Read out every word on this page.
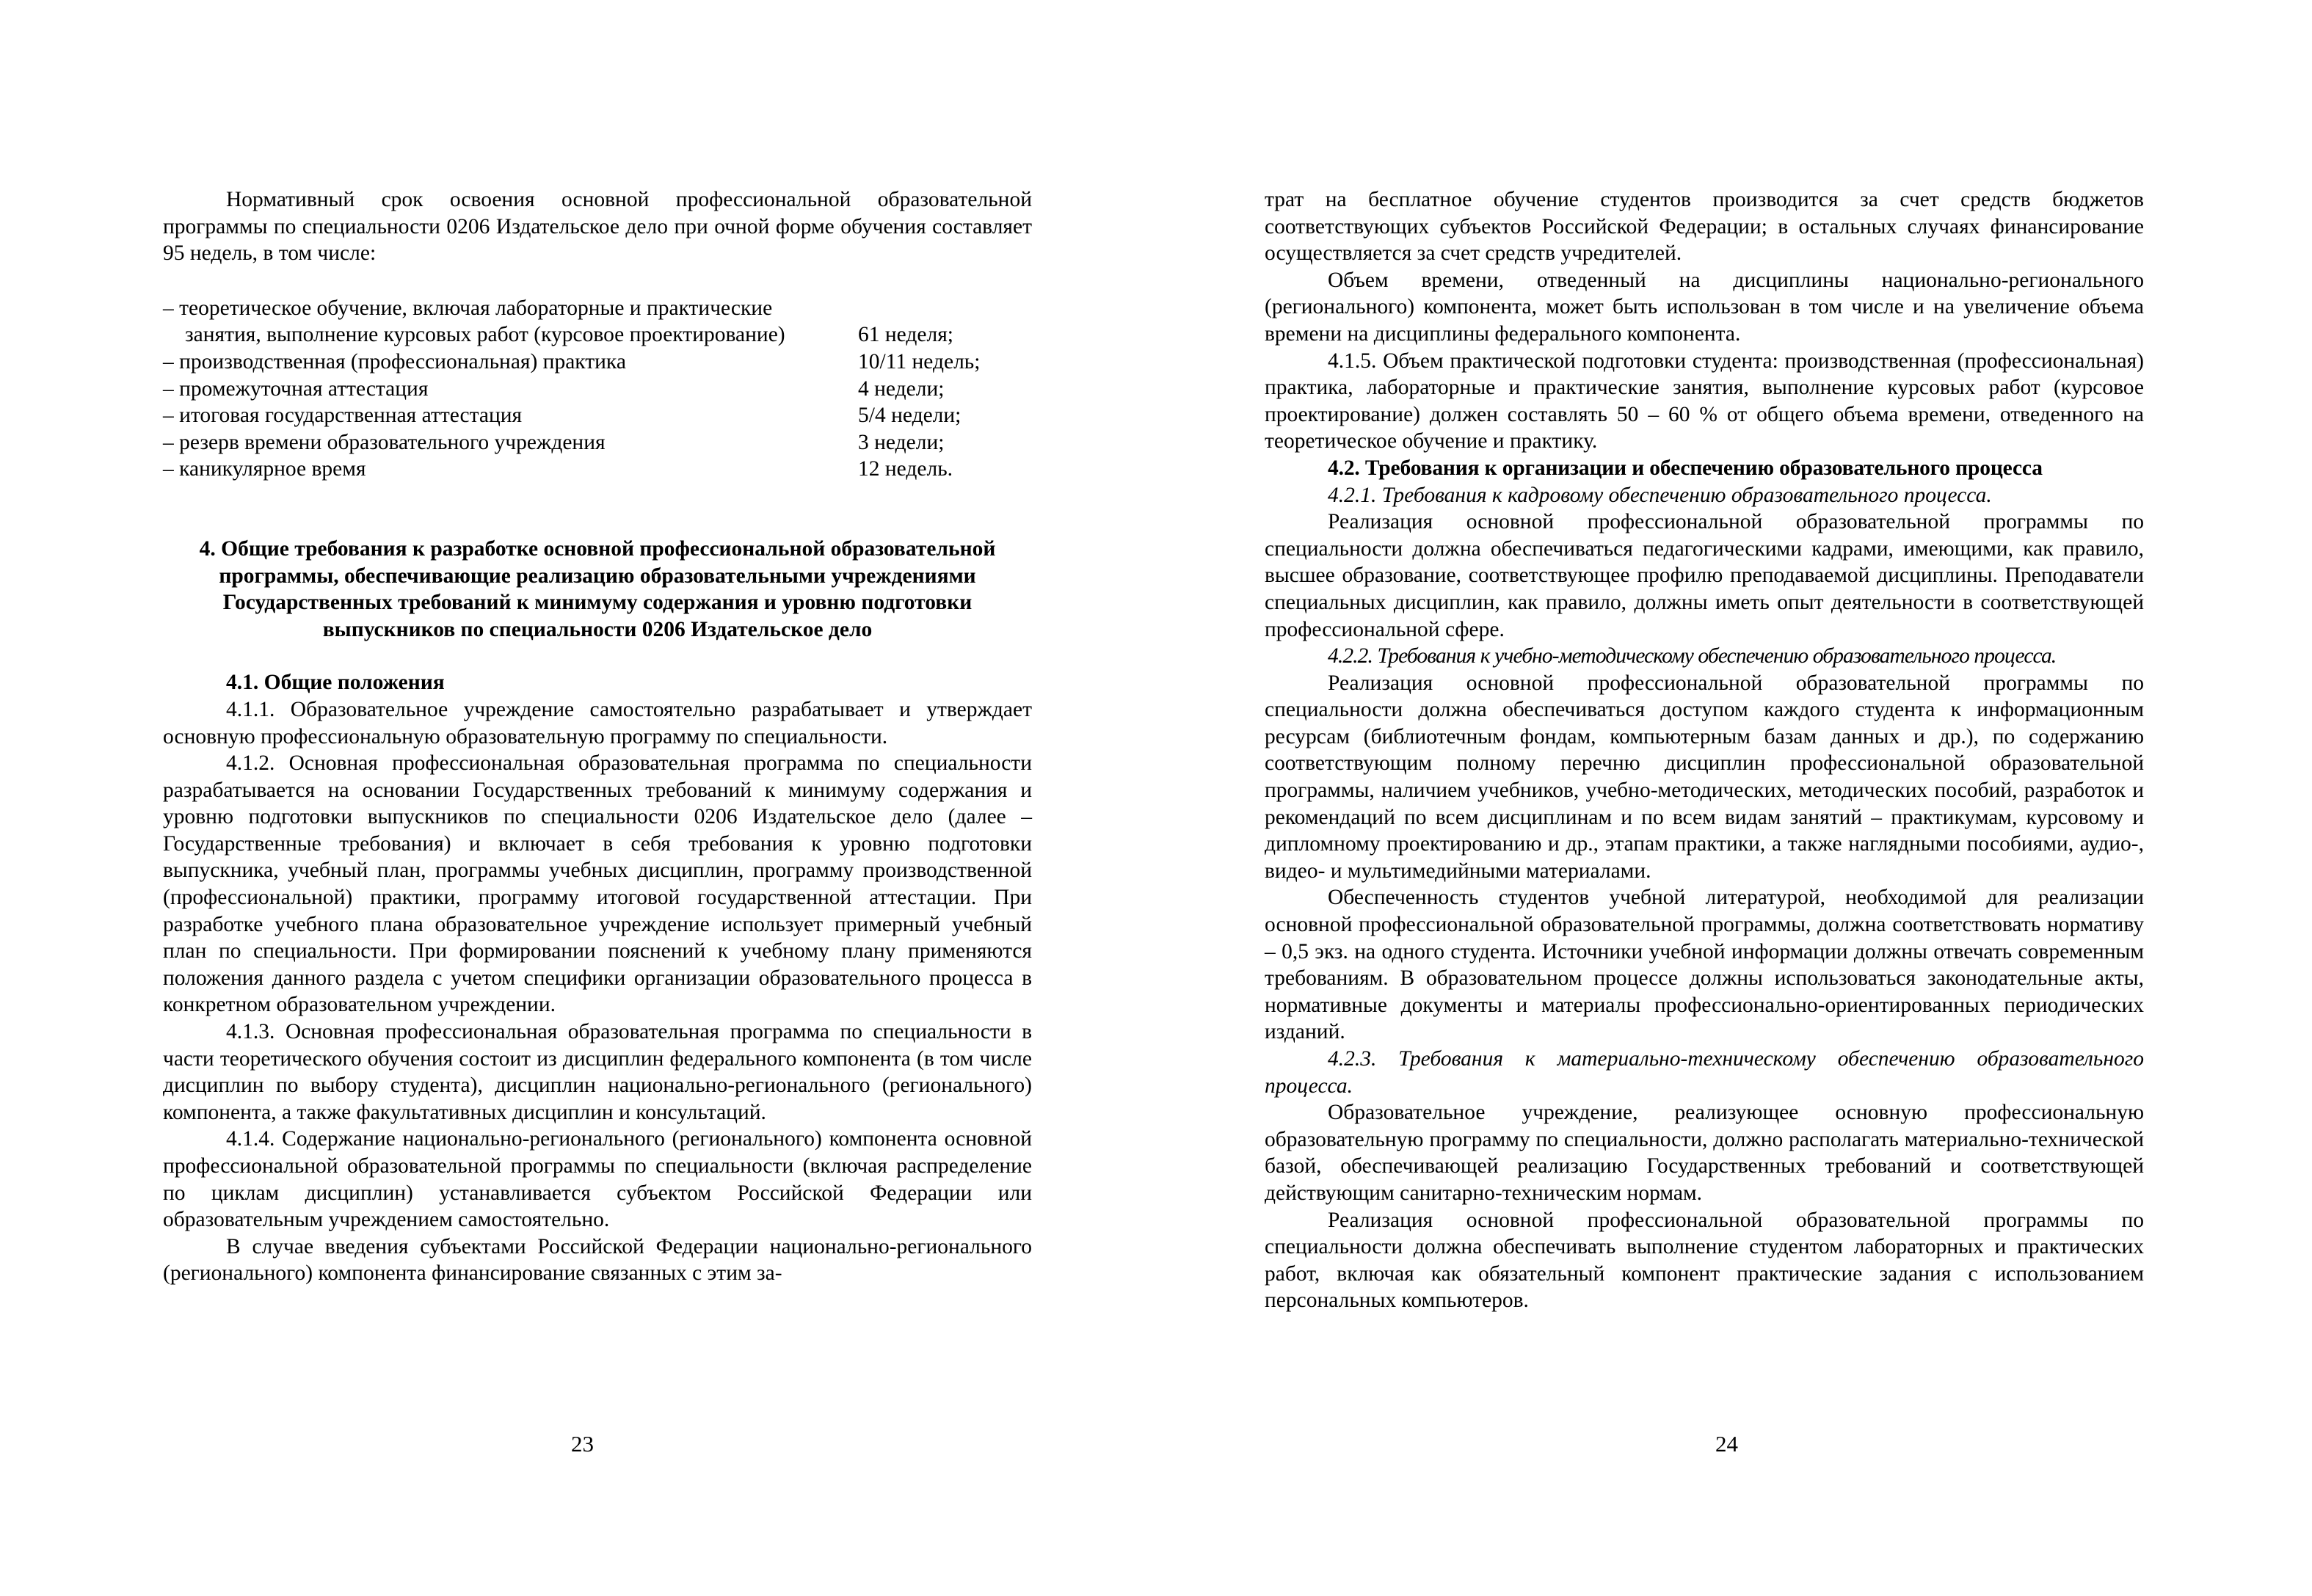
Нормативный срок освоения основной профессиональной образовательной программы по специальности 0206 Издательское дело при очной форме обучения составляет 95 недель, в том числе:

– теоретическое обучение, включая лабораторные и практические занятия, выполнение курсовых работ (курсовое проектирование)	61 неделя;
– производственная (профессиональная) практика	10/11 недель;
– промежуточная аттестация	4 недели;
– итоговая государственная аттестация	5/4 недели;
– резерв времени образовательного учреждения	3 недели;
– каникулярное время	12 недель.

4. Общие требования к разработке основной профессиональной образовательной программы, обеспечивающие реализацию образовательными учреждениями Государственных требований к минимуму содержания и уровню подготовки выпускников по специальности 0206 Издательское дело

4.1. Общие положения

4.1.1. Образовательное учреждение самостоятельно разрабатывает и утверждает основную профессиональную образовательную программу по специальности.

4.1.2. Основная профессиональная образовательная программа по специальности разрабатывается на основании Государственных требований к минимуму содержания и уровню подготовки выпускников по специальности 0206 Издательское дело (далее – Государственные требования) и включает в себя требования к уровню подготовки выпускника, учебный план, программы учебных дисциплин, программу производственной (профессиональной) практики, программу итоговой государственной аттестации. При разработке учебного плана образовательное учреждение использует примерный учебный план по специальности. При формировании пояснений к учебному плану применяются положения данного раздела с учетом специфики организации образовательного процесса в конкретном образовательном учреждении.

4.1.3. Основная профессиональная образовательная программа по специальности в части теоретического обучения состоит из дисциплин федерального компонента (в том числе дисциплин по выбору студента), дисциплин национально-регионального (регионального) компонента, а также факультативных дисциплин и консультаций.

4.1.4. Содержание национально-регионального (регионального) компонента основной профессиональной образовательной программы по специальности (включая распределение по циклам дисциплин) устанавливается субъектом Российской Федерации или образовательным учреждением самостоятельно.

В случае введения субъектами Российской Федерации национально-регионального (регионального) компонента финансирование связанных с этим за-

23

трат на бесплатное обучение студентов производится за счет средств бюджетов соответствующих субъектов Российской Федерации; в остальных случаях финансирование осуществляется за счет средств учредителей.

Объем времени, отведенный на дисциплины национально-регионального (регионального) компонента, может быть использован в том числе и на увеличение объема времени на дисциплины федерального компонента.

4.1.5. Объем практической подготовки студента: производственная (профессиональная) практика, лабораторные и практические занятия, выполнение курсовых работ (курсовое проектирование) должен составлять 50 – 60 % от общего объема времени, отведенного на теоретическое обучение и практику.

4.2. Требования к организации и обеспечению образовательного процесса

4.2.1. Требования к кадровому обеспечению образовательного процесса.

Реализация основной профессиональной образовательной программы по специальности должна обеспечиваться педагогическими кадрами, имеющими, как правило, высшее образование, соответствующее профилю преподаваемой дисциплины. Преподаватели специальных дисциплин, как правило, должны иметь опыт деятельности в соответствующей профессиональной сфере.

4.2.2. Требования к учебно-методическому обеспечению образовательного процесса.

Реализация основной профессиональной образовательной программы по специальности должна обеспечиваться доступом каждого студента к информационным ресурсам (библиотечным фондам, компьютерным базам данных и др.), по содержанию соответствующим полному перечню дисциплин профессиональной образовательной программы, наличием учебников, учебно-методических, методических пособий, разработок и рекомендаций по всем дисциплинам и по всем видам занятий – практикумам, курсовому и дипломному проектированию и др., этапам практики, а также наглядными пособиями, аудио-, видео- и мультимедийными материалами.

Обеспеченность студентов учебной литературой, необходимой для реализации основной профессиональной образовательной программы, должна соответствовать нормативу – 0,5 экз. на одного студента. Источники учебной информации должны отвечать современным требованиям. В образовательном процессе должны использоваться законодательные акты, нормативные документы и материалы профессионально-ориентированных периодических изданий.

4.2.3. Требования к материально-техническому обеспечению образовательного процесса.

Образовательное учреждение, реализующее основную профессиональную образовательную программу по специальности, должно располагать материально-технической базой, обеспечивающей реализацию Государственных требований и соответствующей действующим санитарно-техническим нормам.

Реализация основной профессиональной образовательной программы по специальности должна обеспечивать выполнение студентом лабораторных и практических работ, включая как обязательный компонент практические задания с использованием персональных компьютеров.

24
